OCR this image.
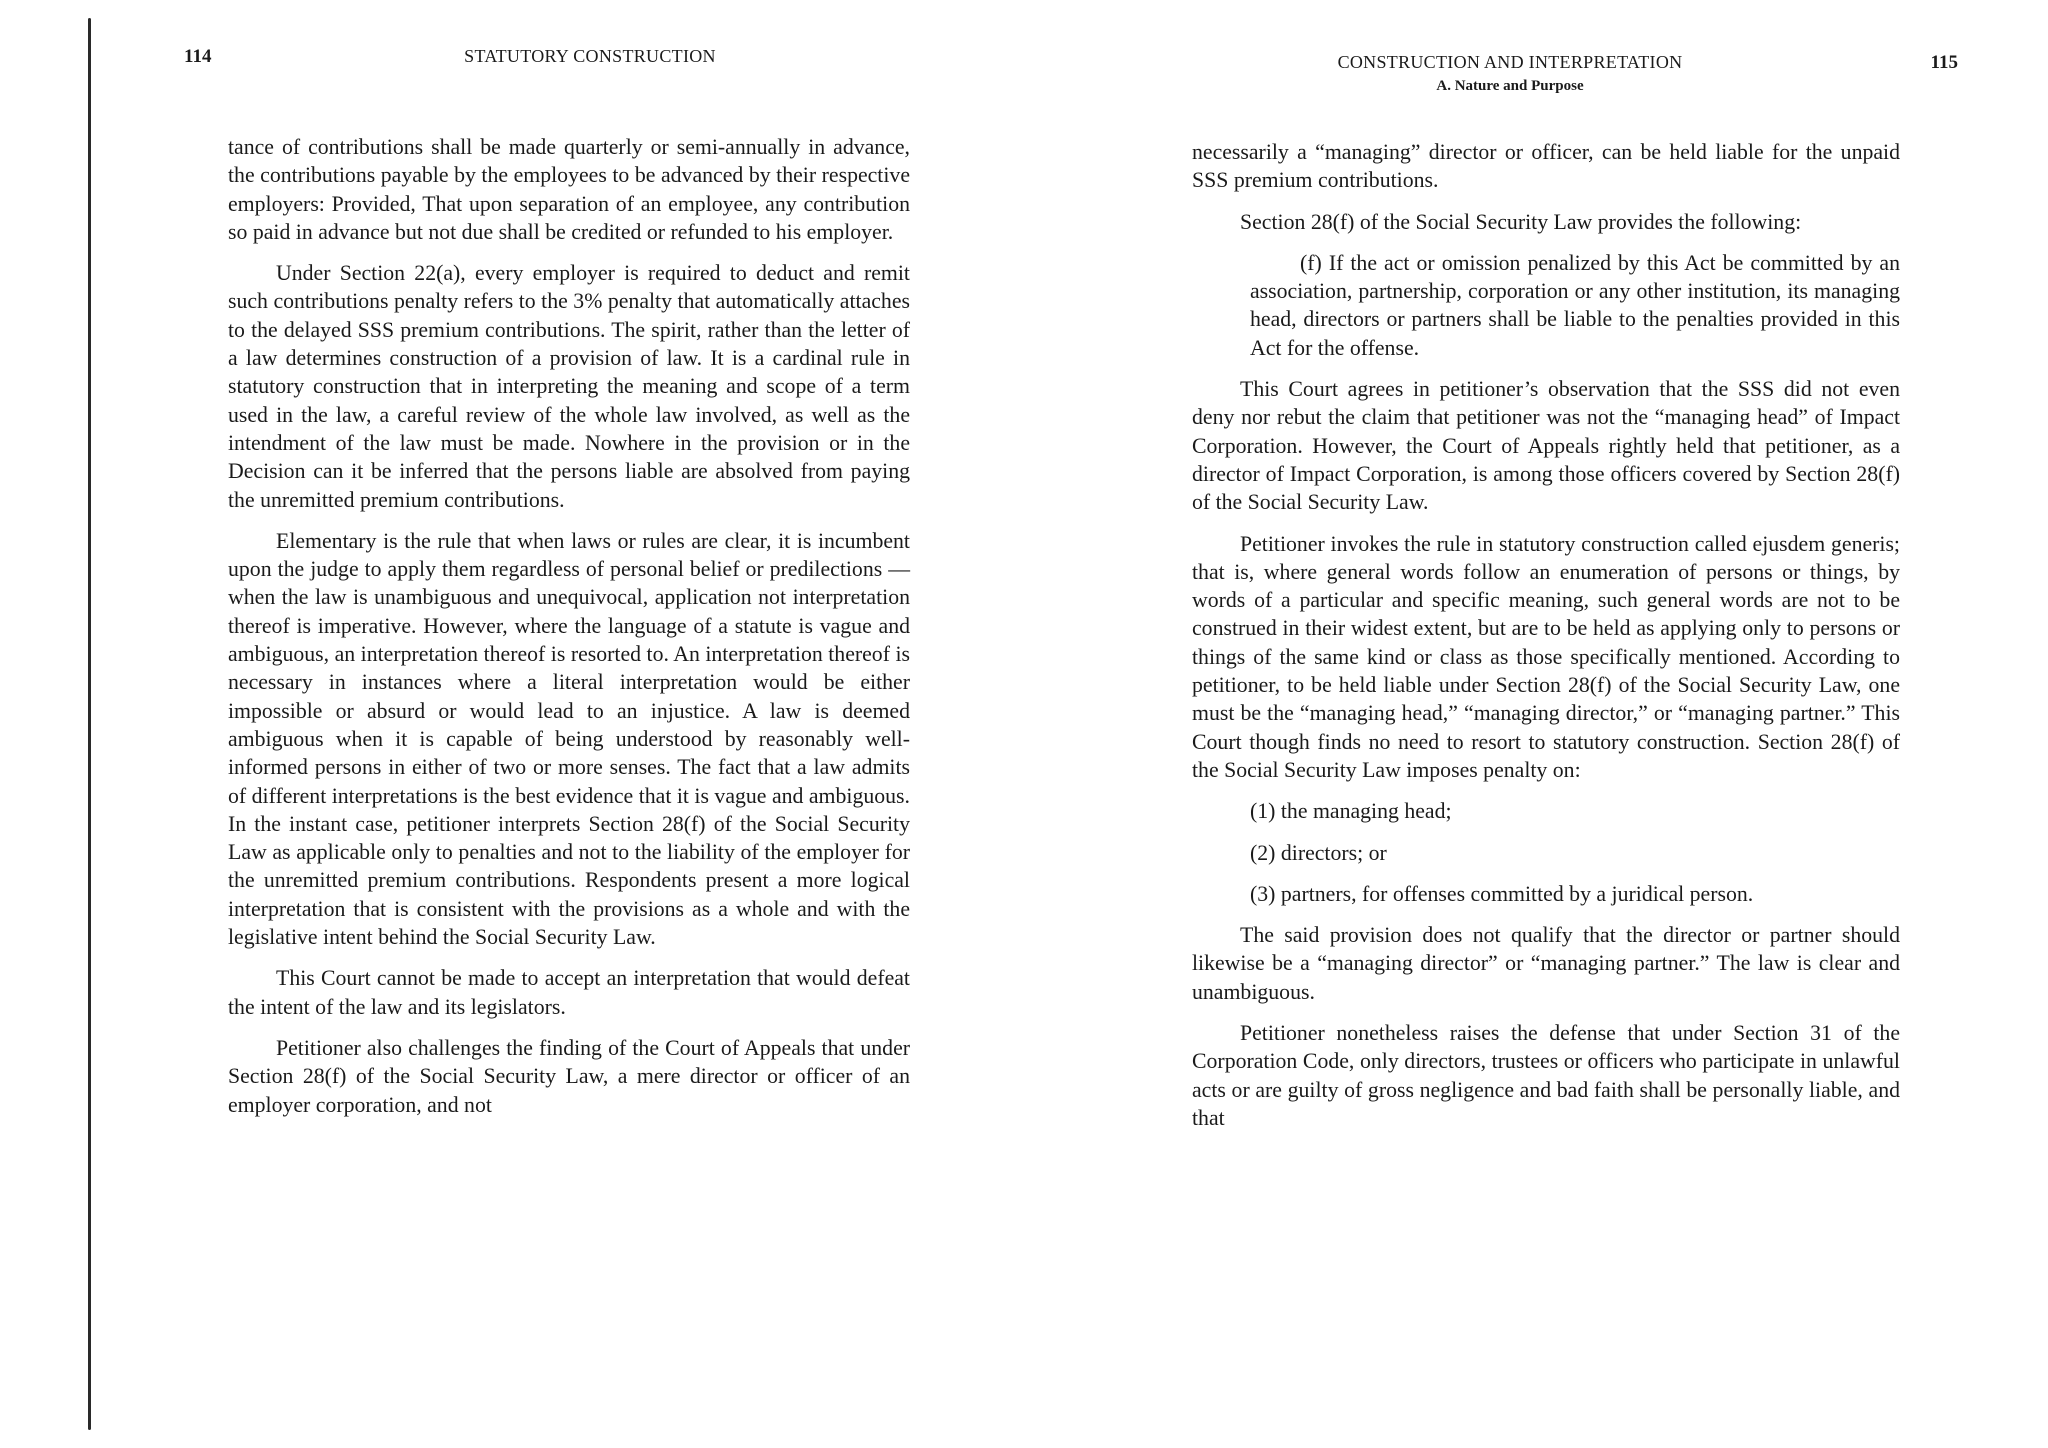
114	STATUTORY CONSTRUCTION

tance of contributions shall be made quarterly or semi-annually in advance, the contributions payable by the employees to be advanced by their respective employers: Provided, That upon separation of an employee, any contribution so paid in advance but not due shall be credited or refunded to his employer.

Under Section 22(a), every employer is required to deduct and remit such contributions penalty refers to the 3% penalty that automatically attaches to the delayed SSS premium contributions. The spirit, rather than the letter of a law determines construction of a provision of law. It is a cardinal rule in statutory construction that in interpreting the meaning and scope of a term used in the law, a careful review of the whole law involved, as well as the intendment of the law must be made. Nowhere in the provision or in the Decision can it be inferred that the persons liable are absolved from paying the unremitted premium contributions.

Elementary is the rule that when laws or rules are clear, it is incumbent upon the judge to apply them regardless of personal belief or predilections — when the law is unambiguous and unequivocal, application not interpretation thereof is imperative. However, where the language of a statute is vague and ambiguous, an interpretation thereof is resorted to. An interpretation thereof is necessary in instances where a literal interpretation would be either impossible or absurd or would lead to an injustice. A law is deemed ambiguous when it is capable of being understood by reasonably well-informed persons in either of two or more senses. The fact that a law admits of different interpretations is the best evidence that it is vague and ambiguous. In the instant case, petitioner interprets Section 28(f) of the Social Security Law as applicable only to penalties and not to the liability of the employer for the unremitted premium contributions. Respondents present a more logical interpretation that is consistent with the provisions as a whole and with the legislative intent behind the Social Security Law.

This Court cannot be made to accept an interpretation that would defeat the intent of the law and its legislators.

Petitioner also challenges the finding of the Court of Appeals that under Section 28(f) of the Social Security Law, a mere director or officer of an employer corporation, and not

CONSTRUCTION AND INTERPRETATION
A. Nature and Purpose
115

necessarily a “managing” director or officer, can be held liable for the unpaid SSS premium contributions.

Section 28(f) of the Social Security Law provides the following:

(f) If the act or omission penalized by this Act be committed by an association, partnership, corporation or any other institution, its managing head, directors or partners shall be liable to the penalties provided in this Act for the offense.

This Court agrees in petitioner’s observation that the SSS did not even deny nor rebut the claim that petitioner was not the “managing head” of Impact Corporation. However, the Court of Appeals rightly held that petitioner, as a director of Impact Corporation, is among those officers covered by Section 28(f) of the Social Security Law.

Petitioner invokes the rule in statutory construction called ejusdem generis; that is, where general words follow an enumeration of persons or things, by words of a particular and specific meaning, such general words are not to be construed in their widest extent, but are to be held as applying only to persons or things of the same kind or class as those specifically mentioned. According to petitioner, to be held liable under Section 28(f) of the Social Security Law, one must be the “managing head,” “managing director,” or “managing partner.” This Court though finds no need to resort to statutory construction. Section 28(f) of the Social Security Law imposes penalty on:

(1) the managing head;

(2) directors; or

(3) partners, for offenses committed by a juridical person.

The said provision does not qualify that the director or partner should likewise be a “managing director” or “managing partner.” The law is clear and unambiguous.

Petitioner nonetheless raises the defense that under Section 31 of the Corporation Code, only directors, trustees or officers who participate in unlawful acts or are guilty of gross negligence and bad faith shall be personally liable, and that
